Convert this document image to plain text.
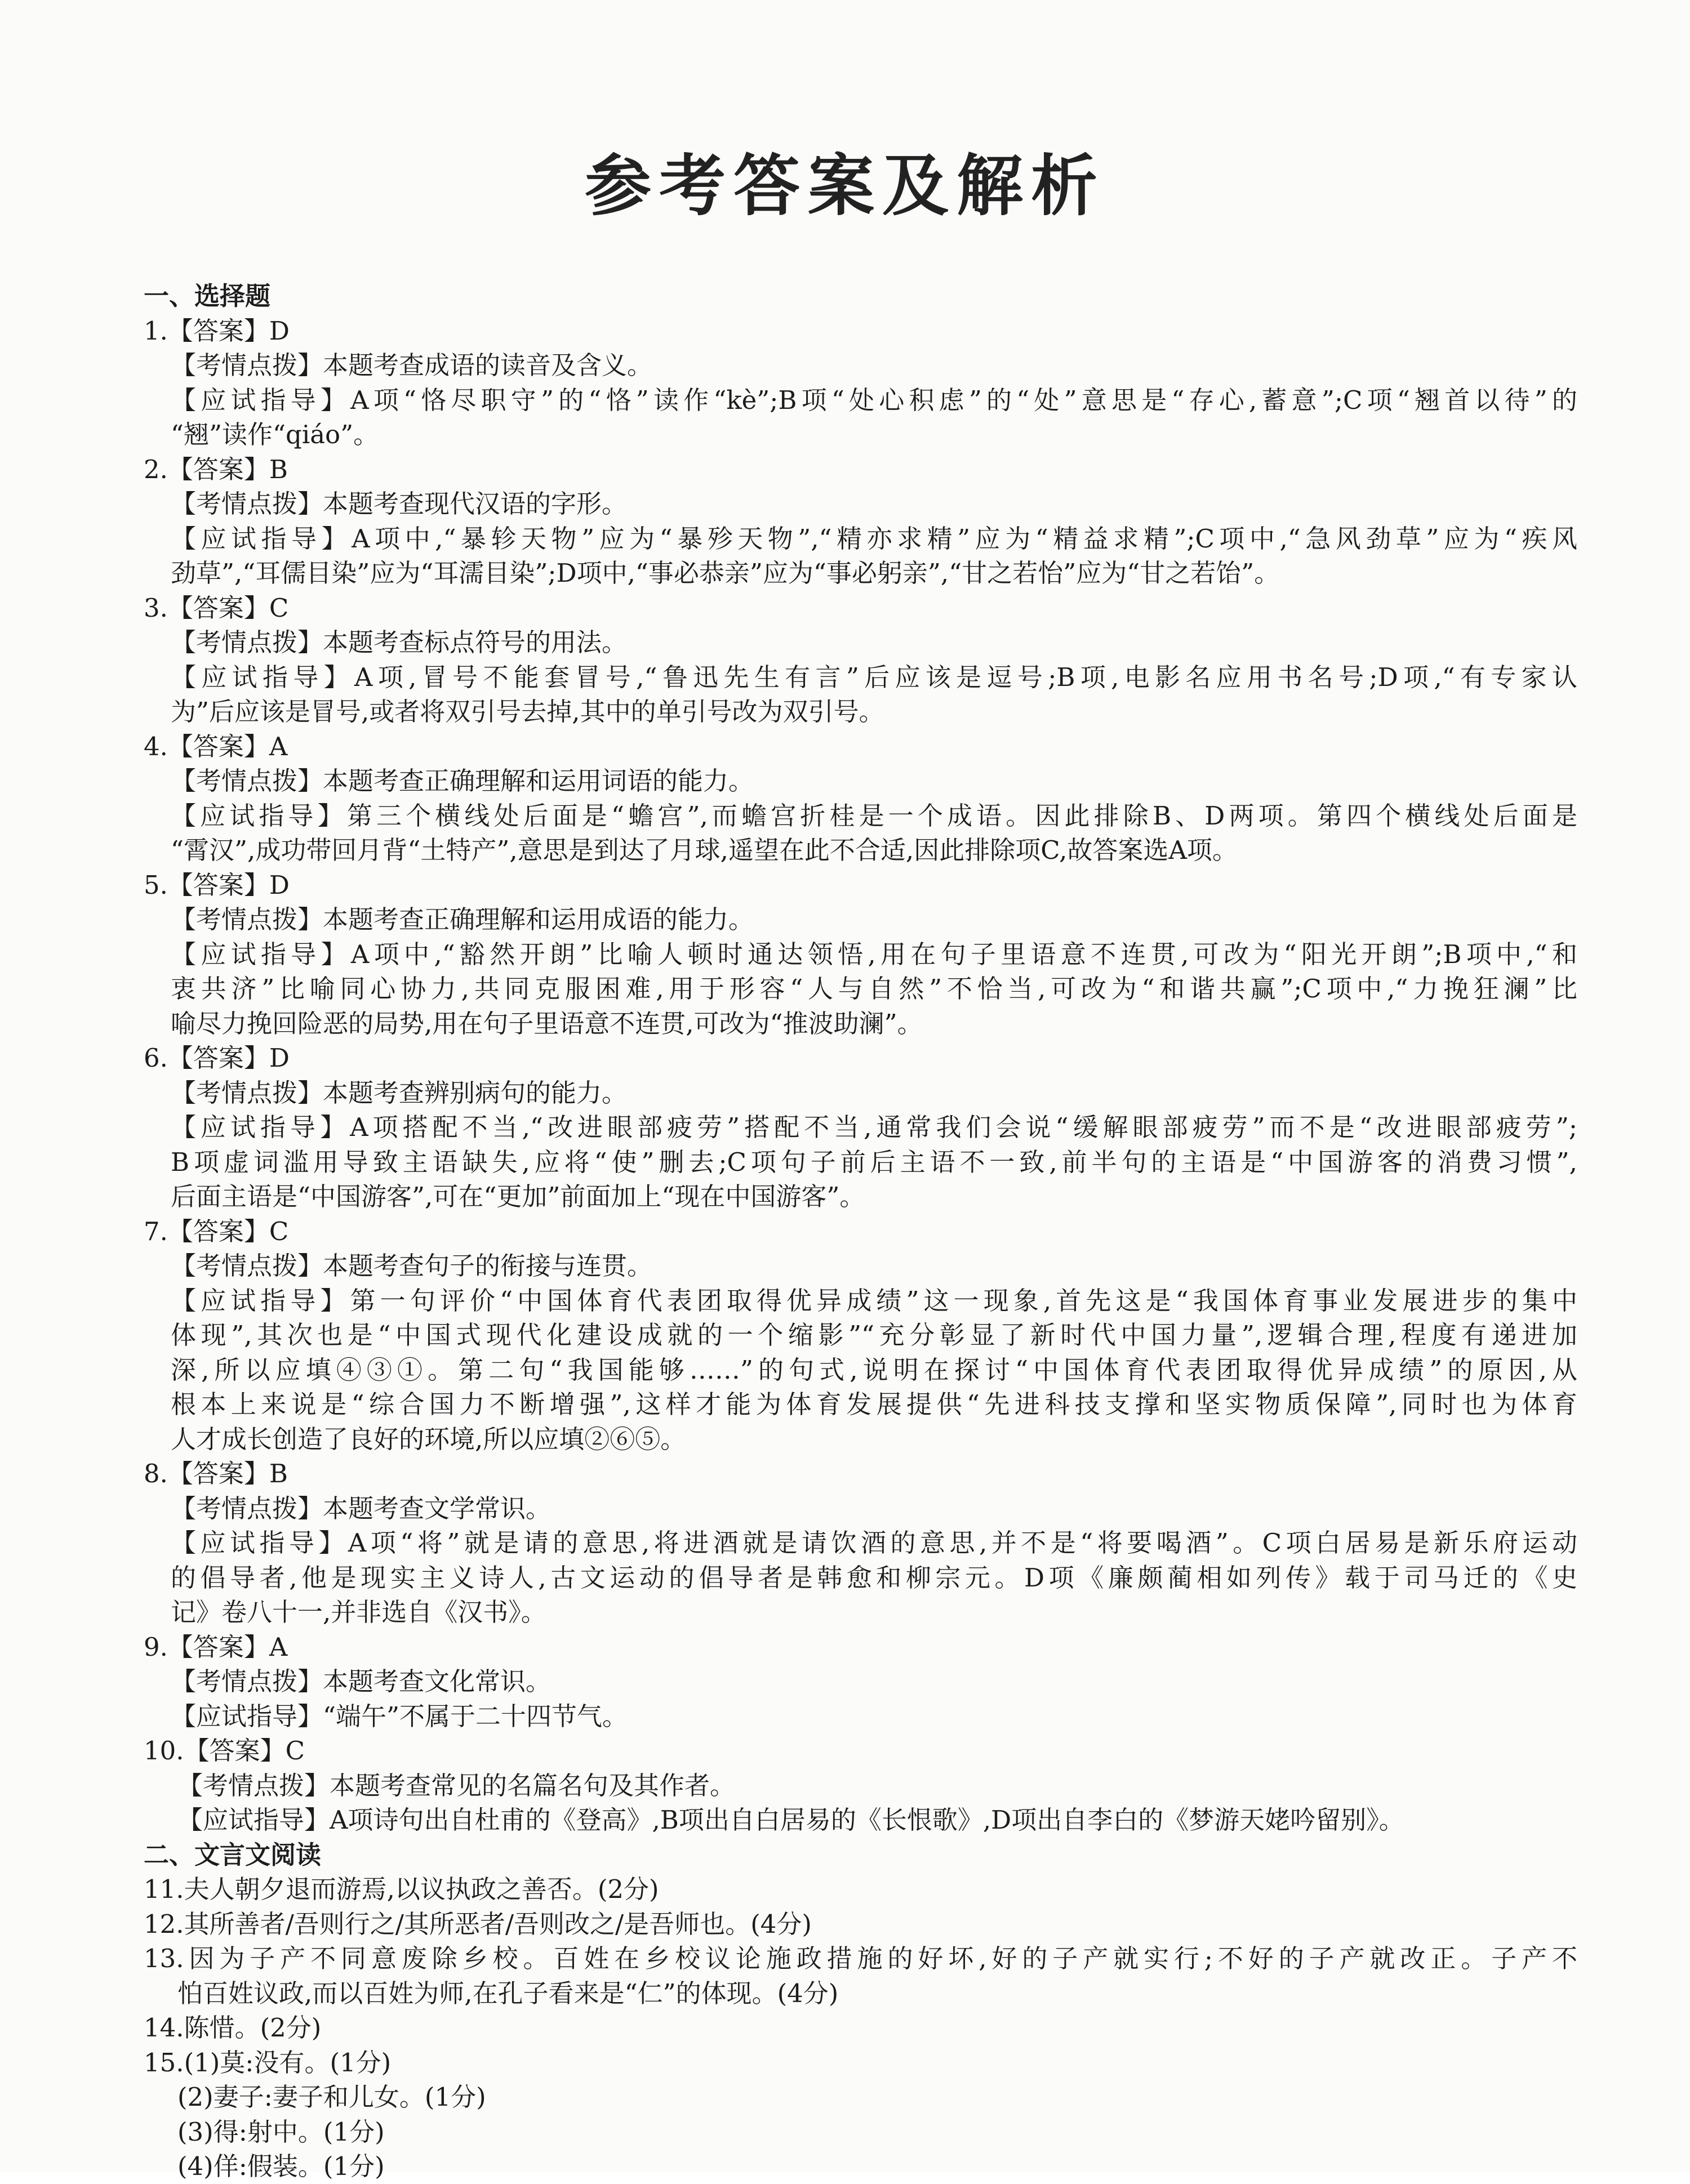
参考答案及解析
一、选择题
1.【答案】D
【考情点拨】本题考查成语的读音及含义。
【应试指导】A项“恪尽职守”的“恪”读作“kè”;B项“处心积虑”的“处”意思是“存心,蓄意”;C项“翘首以待”的
“翘”读作“qiáo”。
2.【答案】B
【考情点拨】本题考查现代汉语的字形。
【应试指导】A项中,“暴轸天物”应为“暴殄天物”,“精亦求精”应为“精益求精”;C项中,“急风劲草”应为“疾风
劲草”,“耳儒目染”应为“耳濡目染”;D项中,“事必恭亲”应为“事必躬亲”,“甘之若怡”应为“甘之若饴”。
3.【答案】C
【考情点拨】本题考查标点符号的用法。
【应试指导】A项,冒号不能套冒号,“鲁迅先生有言”后应该是逗号;B项,电影名应用书名号;D项,“有专家认
为”后应该是冒号,或者将双引号去掉,其中的单引号改为双引号。
4.【答案】A
【考情点拨】本题考查正确理解和运用词语的能力。
【应试指导】第三个横线处后面是“蟾宫”,而蟾宫折桂是一个成语。因此排除B、D两项。第四个横线处后面是
“霄汉”,成功带回月背“土特产”,意思是到达了月球,遥望在此不合适,因此排除项C,故答案选A项。
5.【答案】D
【考情点拨】本题考查正确理解和运用成语的能力。
【应试指导】A项中,“豁然开朗”比喻人顿时通达领悟,用在句子里语意不连贯,可改为“阳光开朗”;B项中,“和
衷共济”比喻同心协力,共同克服困难,用于形容“人与自然”不恰当,可改为“和谐共赢”;C项中,“力挽狂澜”比
喻尽力挽回险恶的局势,用在句子里语意不连贯,可改为“推波助澜”。
6.【答案】D
【考情点拨】本题考查辨别病句的能力。
【应试指导】A项搭配不当,“改进眼部疲劳”搭配不当,通常我们会说“缓解眼部疲劳”而不是“改进眼部疲劳”;
B项虚词滥用导致主语缺失,应将“使”删去;C项句子前后主语不一致,前半句的主语是“中国游客的消费习惯”,
后面主语是“中国游客”,可在“更加”前面加上“现在中国游客”。
7.【答案】C
【考情点拨】本题考查句子的衔接与连贯。
【应试指导】第一句评价“中国体育代表团取得优异成绩”这一现象,首先这是“我国体育事业发展进步的集中
体现”,其次也是“中国式现代化建设成就的一个缩影”“充分彰显了新时代中国力量”,逻辑合理,程度有递进加
深,所以应填④③①。第二句“我国能够……”的句式,说明在探讨“中国体育代表团取得优异成绩”的原因,从
根本上来说是“综合国力不断增强”,这样才能为体育发展提供“先进科技支撑和坚实物质保障”,同时也为体育
人才成长创造了良好的环境,所以应填②⑥⑤。
8.【答案】B
【考情点拨】本题考查文学常识。
【应试指导】A项“将”就是请的意思,将进酒就是请饮酒的意思,并不是“将要喝酒”。C项白居易是新乐府运动
的倡导者,他是现实主义诗人,古文运动的倡导者是韩愈和柳宗元。D项《廉颇蔺相如列传》载于司马迁的《史
记》卷八十一,并非选自《汉书》。
9.【答案】A
【考情点拨】本题考查文化常识。
【应试指导】“端午”不属于二十四节气。
10.【答案】C
【考情点拨】本题考查常见的名篇名句及其作者。
【应试指导】A项诗句出自杜甫的《登高》,B项出自白居易的《长恨歌》,D项出自李白的《梦游天姥吟留别》。
二、文言文阅读
11.夫人朝夕退而游焉,以议执政之善否。(2分)
12.其所善者/吾则行之/其所恶者/吾则改之/是吾师也。(4分)
13.因为子产不同意废除乡校。百姓在乡校议论施政措施的好坏,好的子产就实行;不好的子产就改正。子产不
怕百姓议政,而以百姓为师,在孔子看来是“仁”的体现。(4分)
14.陈惜。(2分)
15.(1)莫:没有。(1分)
(2)妻子:妻子和儿女。(1分)
(3)得:射中。(1分)
(4)佯:假装。(1分)
